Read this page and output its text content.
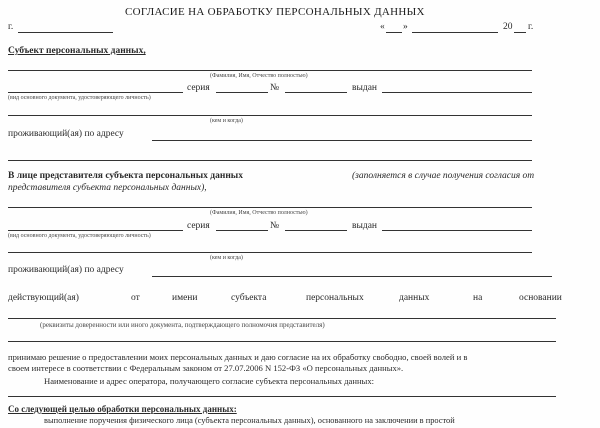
СОГЛАСИЕ НА ОБРАБОТКУ ПЕРСОНАЛЬНЫХ ДАННЫХ
г.	« »	20 г.
Субъект персональных данных,
(Фамилия, Имя, Отчество полностью)
серия	№	выдан
(вид основного документа, удостоверяющего личность)
(кем и когда)
проживающий(ая) по адресу
В лице представителя субъекта персональных данных	(заполняется в случае получения согласия от
представителя субъекта персональных данных),
(Фамилия, Имя, Отчество полностью)
серия	№	выдан
(вид основного документа, удостоверяющего личность)
(кем и когда)
проживающий(ая) по адресу
действующий(ая)	от	имени	субъекта	персональных	данных	на	основании
(реквизиты доверенности или иного документа, подтверждающего полномочия представителя)
принимаю решение о предоставлении моих персональных данных и даю согласие на их обработку свободно, своей волей и в
своем интересе в соответствии с Федеральным законом от 27.07.2006 N 152-ФЗ «О персональных данных».
Наименование и адрес оператора, получающего согласие субъекта персональных данных:
Со следующей целью обработки персональных данных:
выполнение поручения физического лица (субъекта персональных данных), основанного на заключении в простой
